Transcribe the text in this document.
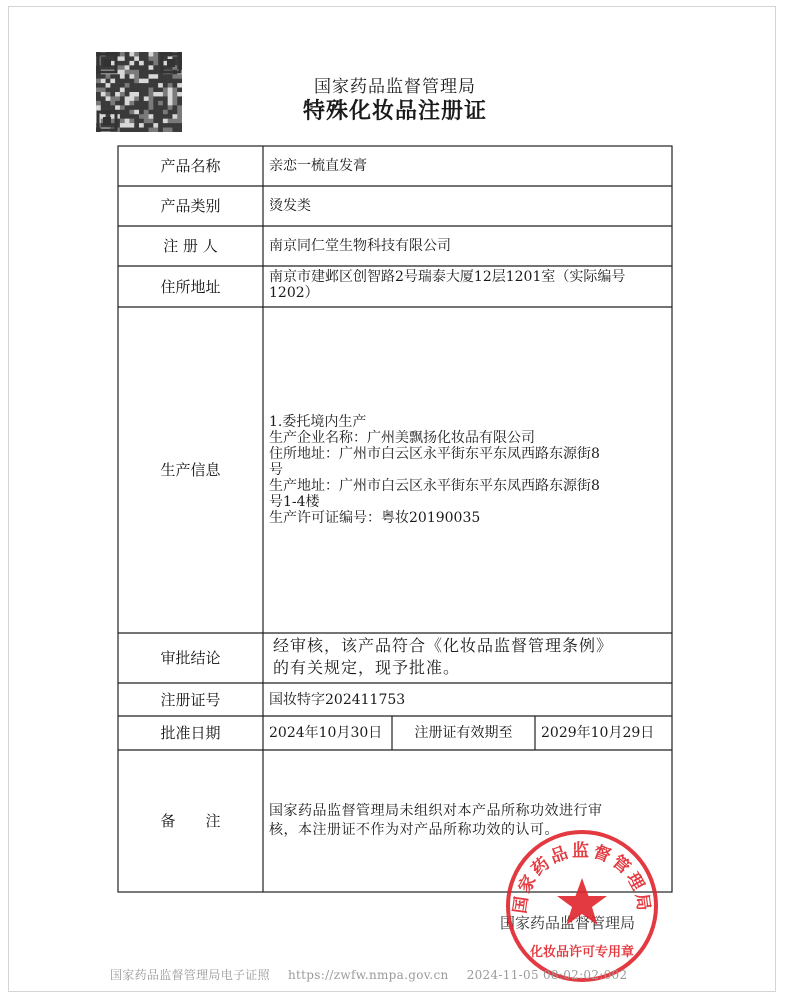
国家药品监督管理局
特殊化妆品注册证
产品名称
产品类别
注 册 人
住所地址
生产信息
审批结论
注册证号
批准日期
备　　注
亲恋一梳直发膏
烫发类
南京同仁堂生物科技有限公司
南京市建邺区创智路2号瑞泰大厦12层1201室（实际编号
1202）
1.委托境内生产
生产企业名称：广州美飘扬化妆品有限公司
住所地址：广州市白云区永平街东平东凤西路东源街8
号
生产地址：广州市白云区永平街东平东凤西路东源街8
号1-4楼
生产许可证编号：粤妆20190035
经审核，该产品符合《化妆品监督管理条例》
的有关规定，现予批准。
国妆特字202411753
2024年10月30日	注册证有效期至	2029年10月29日
国家药品监督管理局未组织对本产品所称功效进行审
核，本注册证不作为对产品所称功效的认可。
国家药品监督管理局
国家药品监督管理局
化妆品许可专用章
国家药品监督管理局电子证照 https://zwfw.nmpa.gov.cn 2024-11-05 08:02:02:002
